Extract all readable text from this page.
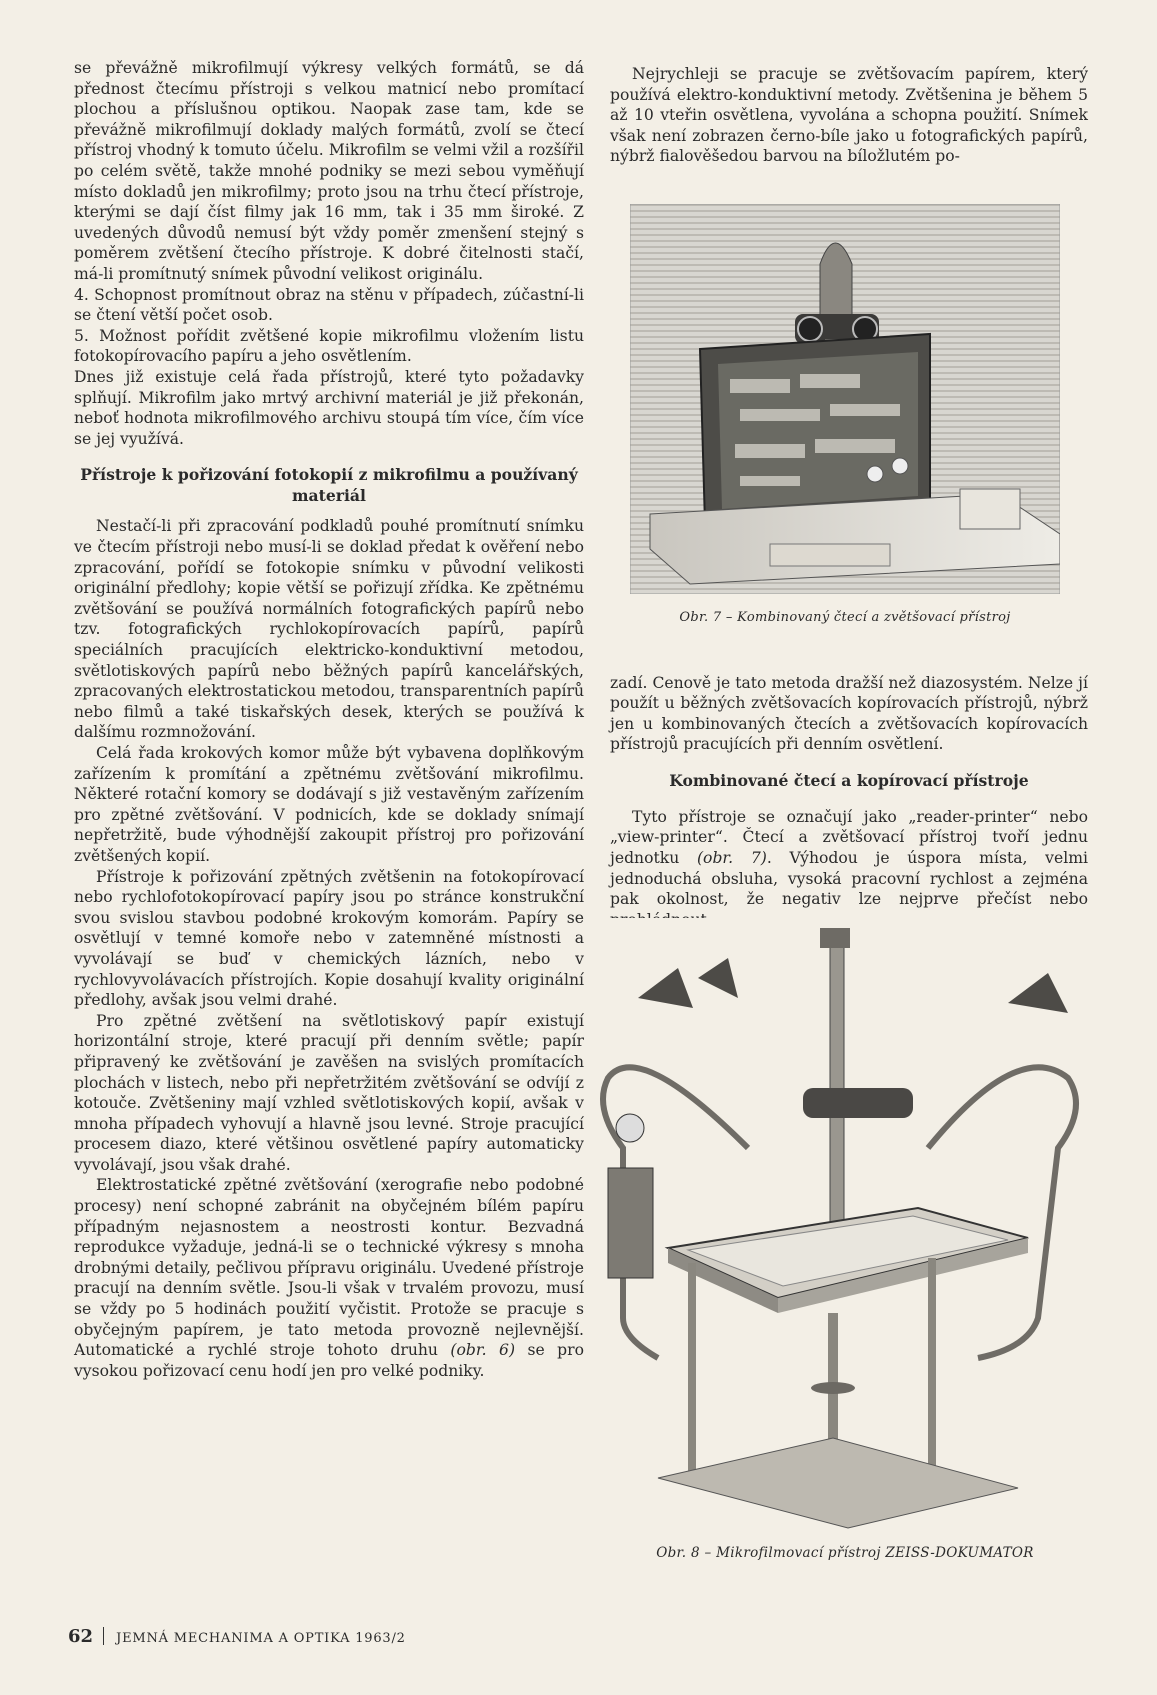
se převážně mikrofilmují výkresy velkých formátů, se dá přednost čtecímu přístroji s velkou matnicí nebo promítací plochou a příslušnou optikou. Naopak zase tam, kde se převážně mikrofilmují doklady malých formátů, zvolí se čtecí přístroj vhodný k tomuto účelu. Mikrofilm se velmi vžil a rozšířil po celém světě, takže mnohé podniky se mezi sebou vyměňují místo dokladů jen mikrofilmy; proto jsou na trhu čtecí přístroje, kterými se dají číst filmy jak 16 mm, tak i 35 mm široké. Z uvedených důvodů nemusí být vždy poměr zmenšení stejný s poměrem zvětšení čtecího přístroje. K dobré čitelnosti stačí, má-li promítnutý snímek původní velikost originálu.

4. Schopnost promítnout obraz na stěnu v případech, zúčastní-li se čtení větší počet osob.

5. Možnost pořídit zvětšené kopie mikrofilmu vložením listu fotokopírovacího papíru a jeho osvětlením.

Dnes již existuje celá řada přístrojů, které tyto požadavky splňují. Mikrofilm jako mrtvý archivní materiál je již překonán, neboť hodnota mikrofilmového archivu stoupá tím více, čím více se jej využívá.

Přístroje k pořizování fotokopií z mikrofilmu a používaný materiál

Nestačí-li při zpracování podkladů pouhé promítnutí snímku ve čtecím přístroji nebo musí-li se doklad předat k ověření nebo zpracování, pořídí se fotokopie snímku v původní velikosti originální předlohy; kopie větší se pořizují zřídka. Ke zpětnému zvětšování se používá normálních fotografických papírů nebo tzv. fotografických rychlokopírovacích papírů, papírů speciálních pracujících elektricko-konduktivní metodou, světlotiskových papírů nebo běžných papírů kancelářských, zpracovaných elektrostatickou metodou, transparentních papírů nebo filmů a také tiskařských desek, kterých se používá k dalšímu rozmnožování.

Celá řada krokových komor může být vybavena doplňkovým zařízením k promítání a zpětnému zvětšování mikrofilmu. Některé rotační komory se dodávají s již vestavěným zařízením pro zpětné zvětšování. V podnicích, kde se doklady snímají nepřetržitě, bude výhodnější zakoupit přístroj pro pořizování zvětšených kopií.

Přístroje k pořizování zpětných zvětšenin na fotokopírovací nebo rychlofotokopírovací papíry jsou po stránce konstrukční svou svislou stavbou podobné krokovým komorám. Papíry se osvětlují v temné komoře nebo v zatemněné místnosti a vyvolávají se buď v chemických lázních, nebo v rychlovyvolávacích přístrojích. Kopie dosahují kvality originální předlohy, avšak jsou velmi drahé.

Pro zpětné zvětšení na světlotiskový papír existují horizontální stroje, které pracují při denním světle; papír připravený ke zvětšování je zavěšen na svislých promítacích plochách v listech, nebo při nepřetržitém zvětšování se odvíjí z kotouče. Zvětšeniny mají vzhled světlotiskových kopií, avšak v mnoha případech vyhovují a hlavně jsou levné. Stroje pracující procesem diazo, které většinou osvětlené papíry automaticky vyvolávají, jsou však drahé.

Elektrostatické zpětné zvětšování (xerografie nebo podobné procesy) není schopné zabránit na obyčejném bílém papíru případným nejasnostem a neostrosti kontur. Bezvadná reprodukce vyžaduje, jedná-li se o technické výkresy s mnoha drobnými detaily, pečlivou přípravu originálu. Uvedené přístroje pracují na denním světle. Jsou-li však v trvalém provozu, musí se vždy po 5 hodinách použití vyčistit. Protože se pracuje s obyčejným papírem, je tato metoda provozně nejlevnější. Automatické a rychlé stroje tohoto druhu (obr. 6) se pro vysokou pořizovací cenu hodí jen pro velké podniky.

Nejrychleji se pracuje se zvětšovacím papírem, který používá elektro-konduktivní metody. Zvětšenina je během 5 až 10 vteřin osvětlena, vyvolána a schopna použití. Snímek však není zobrazen černo-bíle jako u fotografických papírů, nýbrž fialověšedou barvou na bíložlutém po-

Obr. 7 – Kombinovaný čtecí a zvětšovací přístroj

zadí. Cenově je tato metoda dražší než diazosystém. Nelze jí použít u běžných zvětšovacích kopírovacích přístrojů, nýbrž jen u kombinovaných čtecích a zvětšovacích kopírovacích přístrojů pracujících při denním osvětlení.

Kombinované čtecí a kopírovací přístroje

Tyto přístroje se označují jako „reader-printer“ nebo „view-printer“. Čtecí a zvětšovací přístroj tvoří jednu jednotku (obr. 7). Výhodou je úspora místa, velmi jednoduchá obsluha, vysoká pracovní rychlost a zejména pak okolnost, že negativ lze nejprve přečíst nebo

Obr. 8 – Mikrofilmovací přístroj ZEISS-DOKUMATOR
62 JEMNÁ MECHANIMA A OPTIKA 1963/2
